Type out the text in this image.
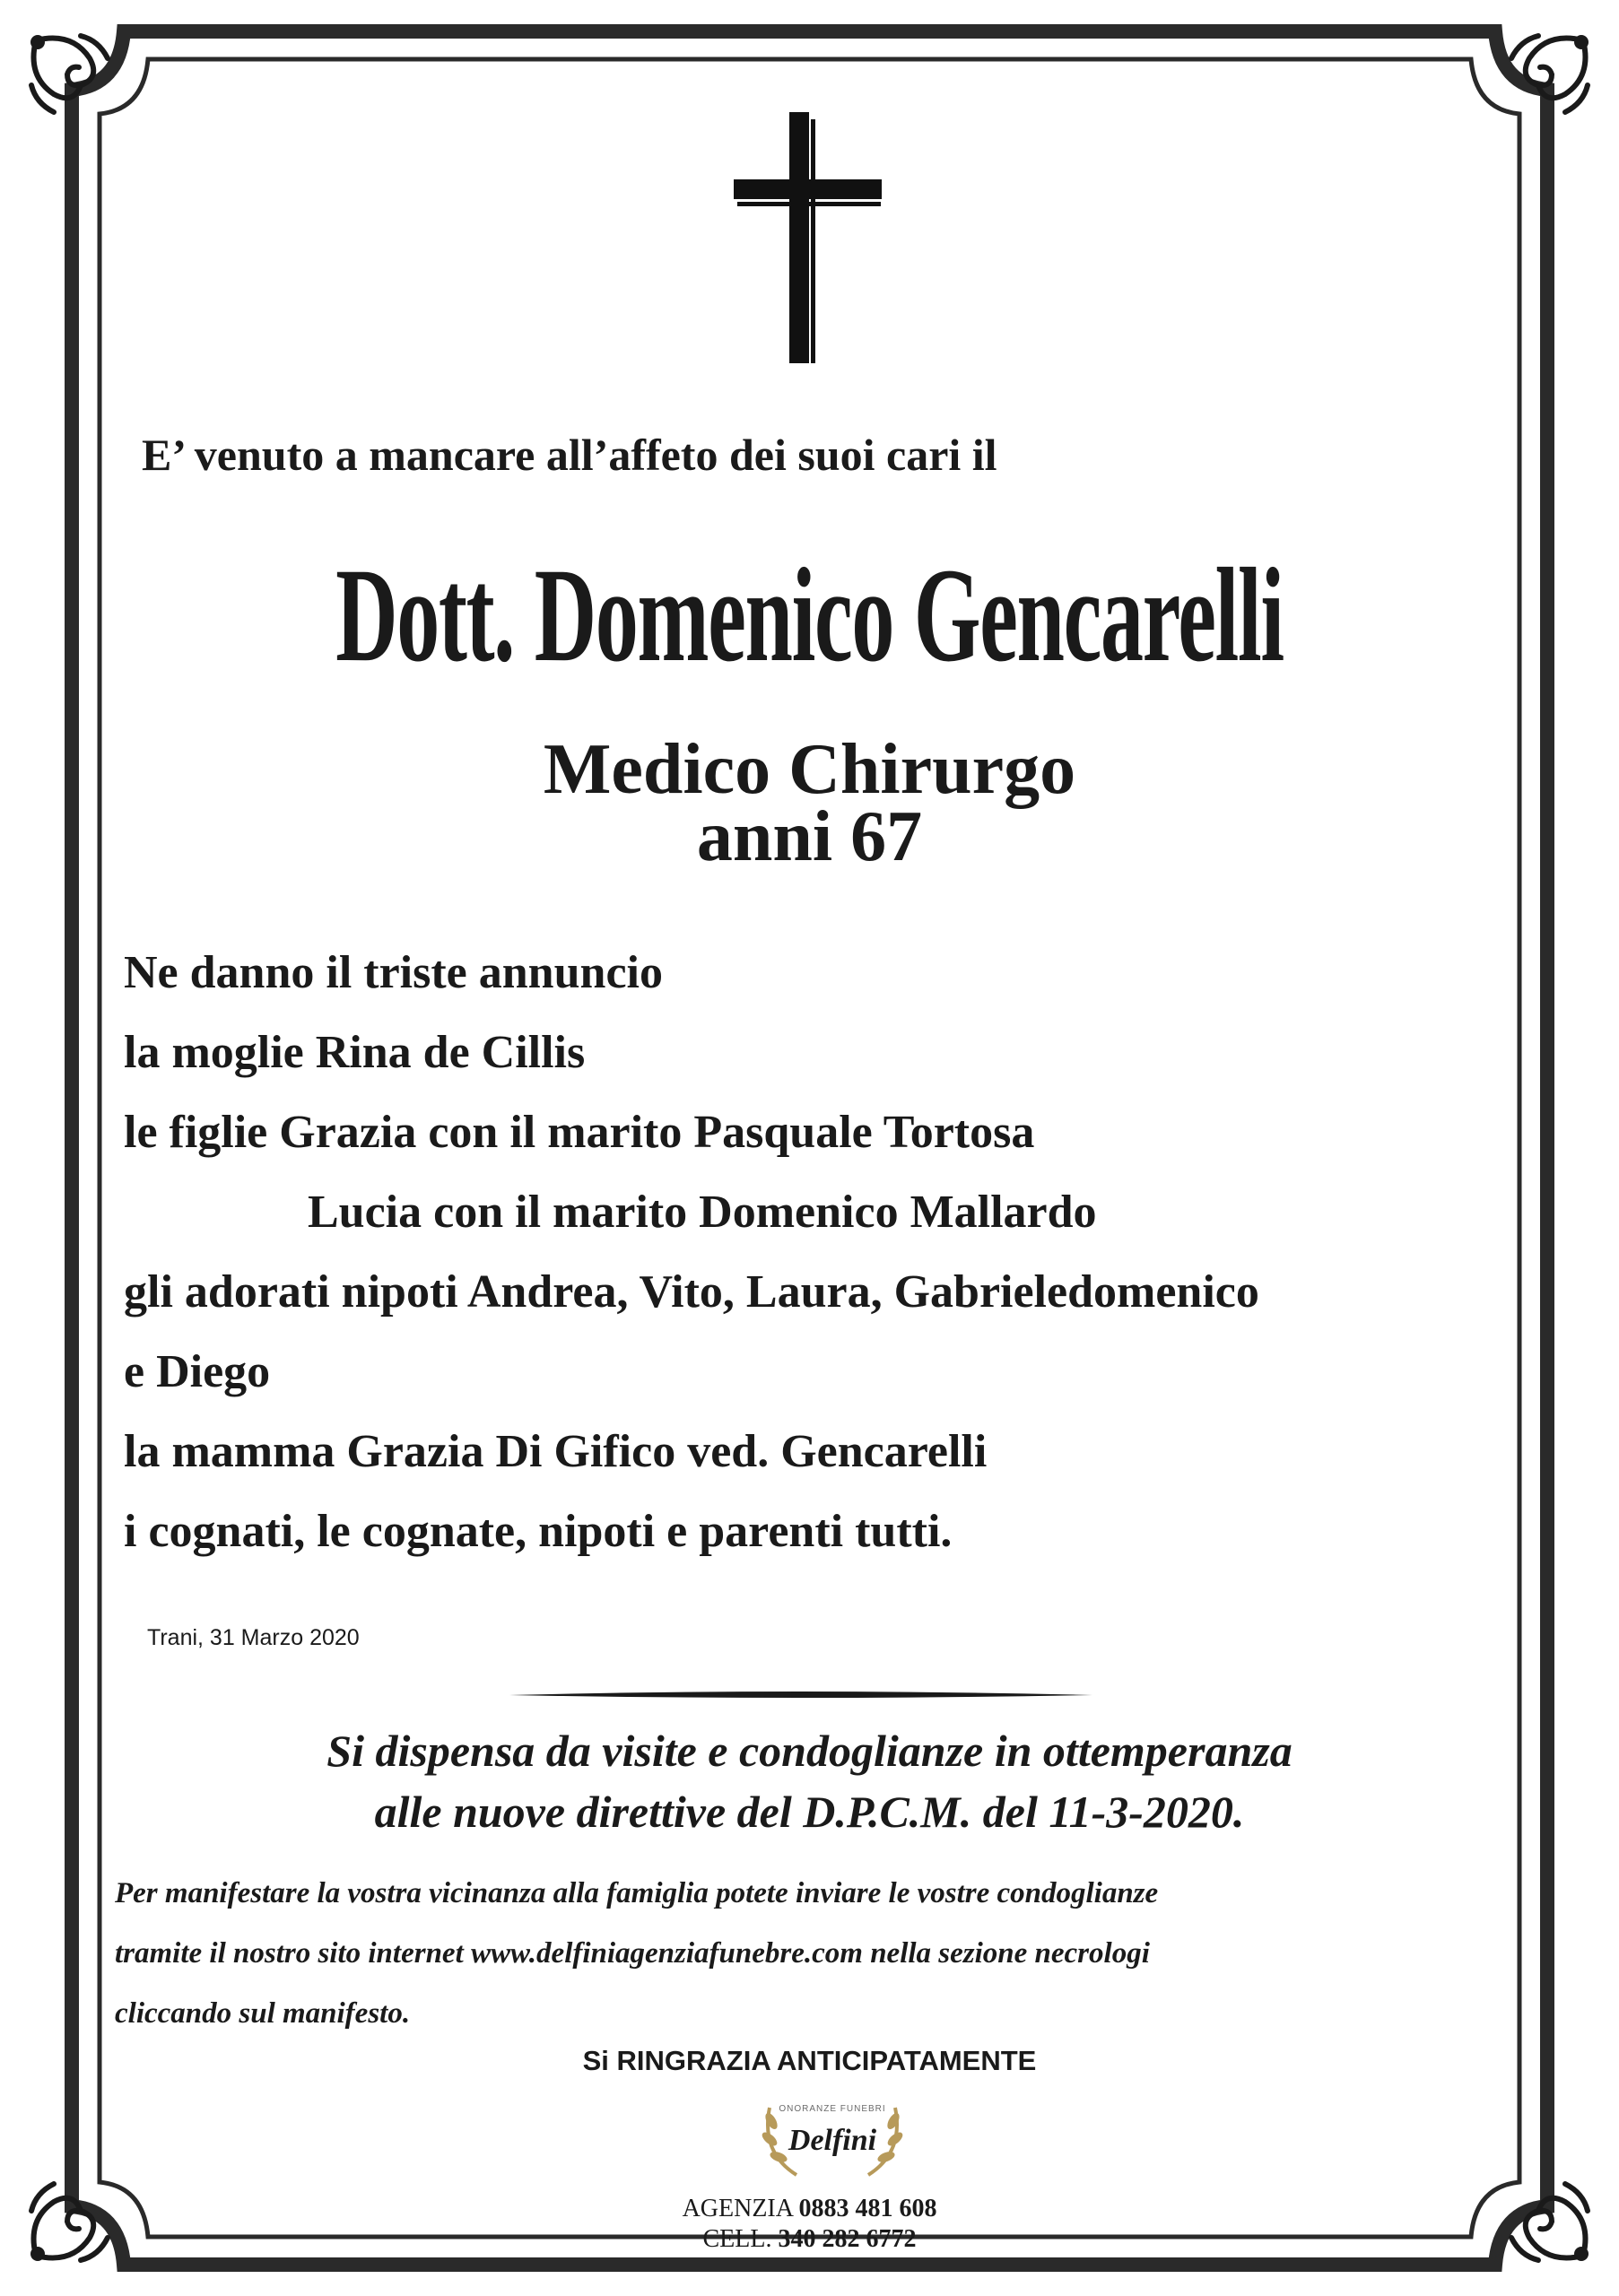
E’ venuto a mancare all’affeto dei suoi cari il
Dott. Domenico Gencarelli
Medico Chirurgo
anni 67
Ne danno il triste annuncio
la moglie Rina de Cillis
le figlie Grazia con il marito Pasquale Tortosa
Lucia con il marito Domenico Mallardo
gli adorati nipoti Andrea, Vito, Laura, Gabrieledomenico
e Diego
la mamma Grazia Di Gifico ved. Gencarelli
i cognati, le cognate, nipoti e parenti tutti.
Trani, 31 Marzo 2020
Si dispensa da visite e condoglianze in ottemperanza
alle nuove direttive del D.P.C.M. del 11-3-2020.
Per manifestare la vostra vicinanza alla famiglia potete inviare le vostre condoglianze
tramite il nostro sito internet www.delfiniagenziafunebre.com nella sezione necrologi
cliccando sul manifesto.
Si RINGRAZIA ANTICIPATAMENTE
ONORANZE FUNEBRI
Delfini
AGENZIA 0883 481 608
CELL. 340 282 6772
